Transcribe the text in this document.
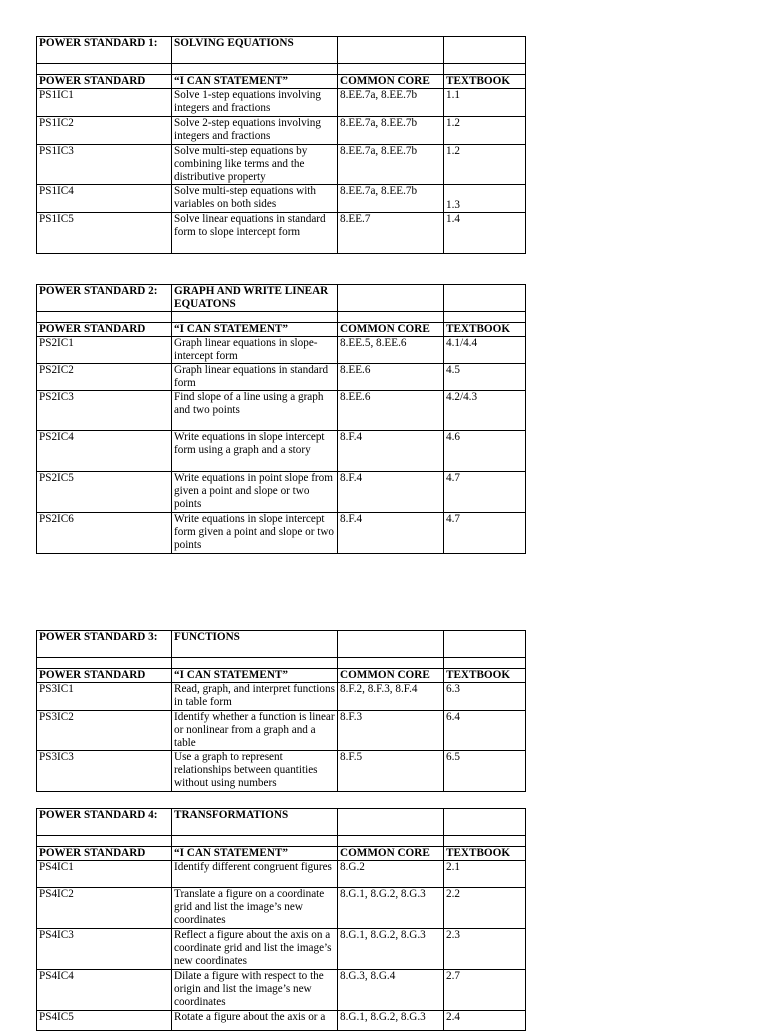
POWER STANDARD 1:	SOLVING EQUATIONS		

POWER STANDARD	“I CAN STATEMENT”	COMMON CORE	TEXTBOOK
PS1IC1	Solve 1-step equations involving integers and fractions	8.EE.7a, 8.EE.7b	1.1
PS1IC2	Solve 2-step equations involving integers and fractions	8.EE.7a, 8.EE.7b	1.2
PS1IC3	Solve multi-step equations by combining like terms and the distributive property	8.EE.7a, 8.EE.7b	1.2
PS1IC4	Solve multi-step equations with variables on both sides	8.EE.7a, 8.EE.7b	1.3
PS1IC5	Solve linear equations in standard form to slope intercept form	8.EE.7	1.4
POWER STANDARD 2:	GRAPH AND WRITE LINEAR EQUATONS		

POWER STANDARD	“I CAN STATEMENT”	COMMON CORE	TEXTBOOK
PS2IC1	Graph linear equations in slope-intercept form	8.EE.5, 8.EE.6	4.1/4.4
PS2IC2	Graph linear equations in standard form	8.EE.6	4.5
PS2IC3	Find slope of a line using a graph and two points	8.EE.6	4.2/4.3
PS2IC4	Write equations in slope intercept form using a graph and a story	8.F.4	4.6
PS2IC5	Write equations in point slope from given a point and slope or two points	8.F.4	4.7
PS2IC6	Write equations in slope intercept form given a point and slope or two points	8.F.4	4.7
POWER STANDARD 3:	FUNCTIONS		

POWER STANDARD	“I CAN STATEMENT”	COMMON CORE	TEXTBOOK
PS3IC1	Read, graph, and interpret functions in table form	8.F.2, 8.F.3, 8.F.4	6.3
PS3IC2	Identify whether a function is linear or nonlinear from a graph and a table	8.F.3	6.4
PS3IC3	Use a graph to represent relationships between quantities without using numbers	8.F.5	6.5
POWER STANDARD 4:	TRANSFORMATIONS		

POWER STANDARD	“I CAN STATEMENT”	COMMON CORE	TEXTBOOK
PS4IC1	Identify different congruent figures	8.G.2	2.1
PS4IC2	Translate a figure on a coordinate grid and list the image’s new coordinates	8.G.1, 8.G.2, 8.G.3	2.2
PS4IC3	Reflect a figure about the axis on a coordinate grid and list the image’s new coordinates	8.G.1, 8.G.2, 8.G.3	2.3
PS4IC4	Dilate a figure with respect to the origin and list the image’s new coordinates	8.G.3, 8.G.4	2.7
PS4IC5	Rotate a figure about the axis or a	8.G.1, 8.G.2, 8.G.3	2.4
